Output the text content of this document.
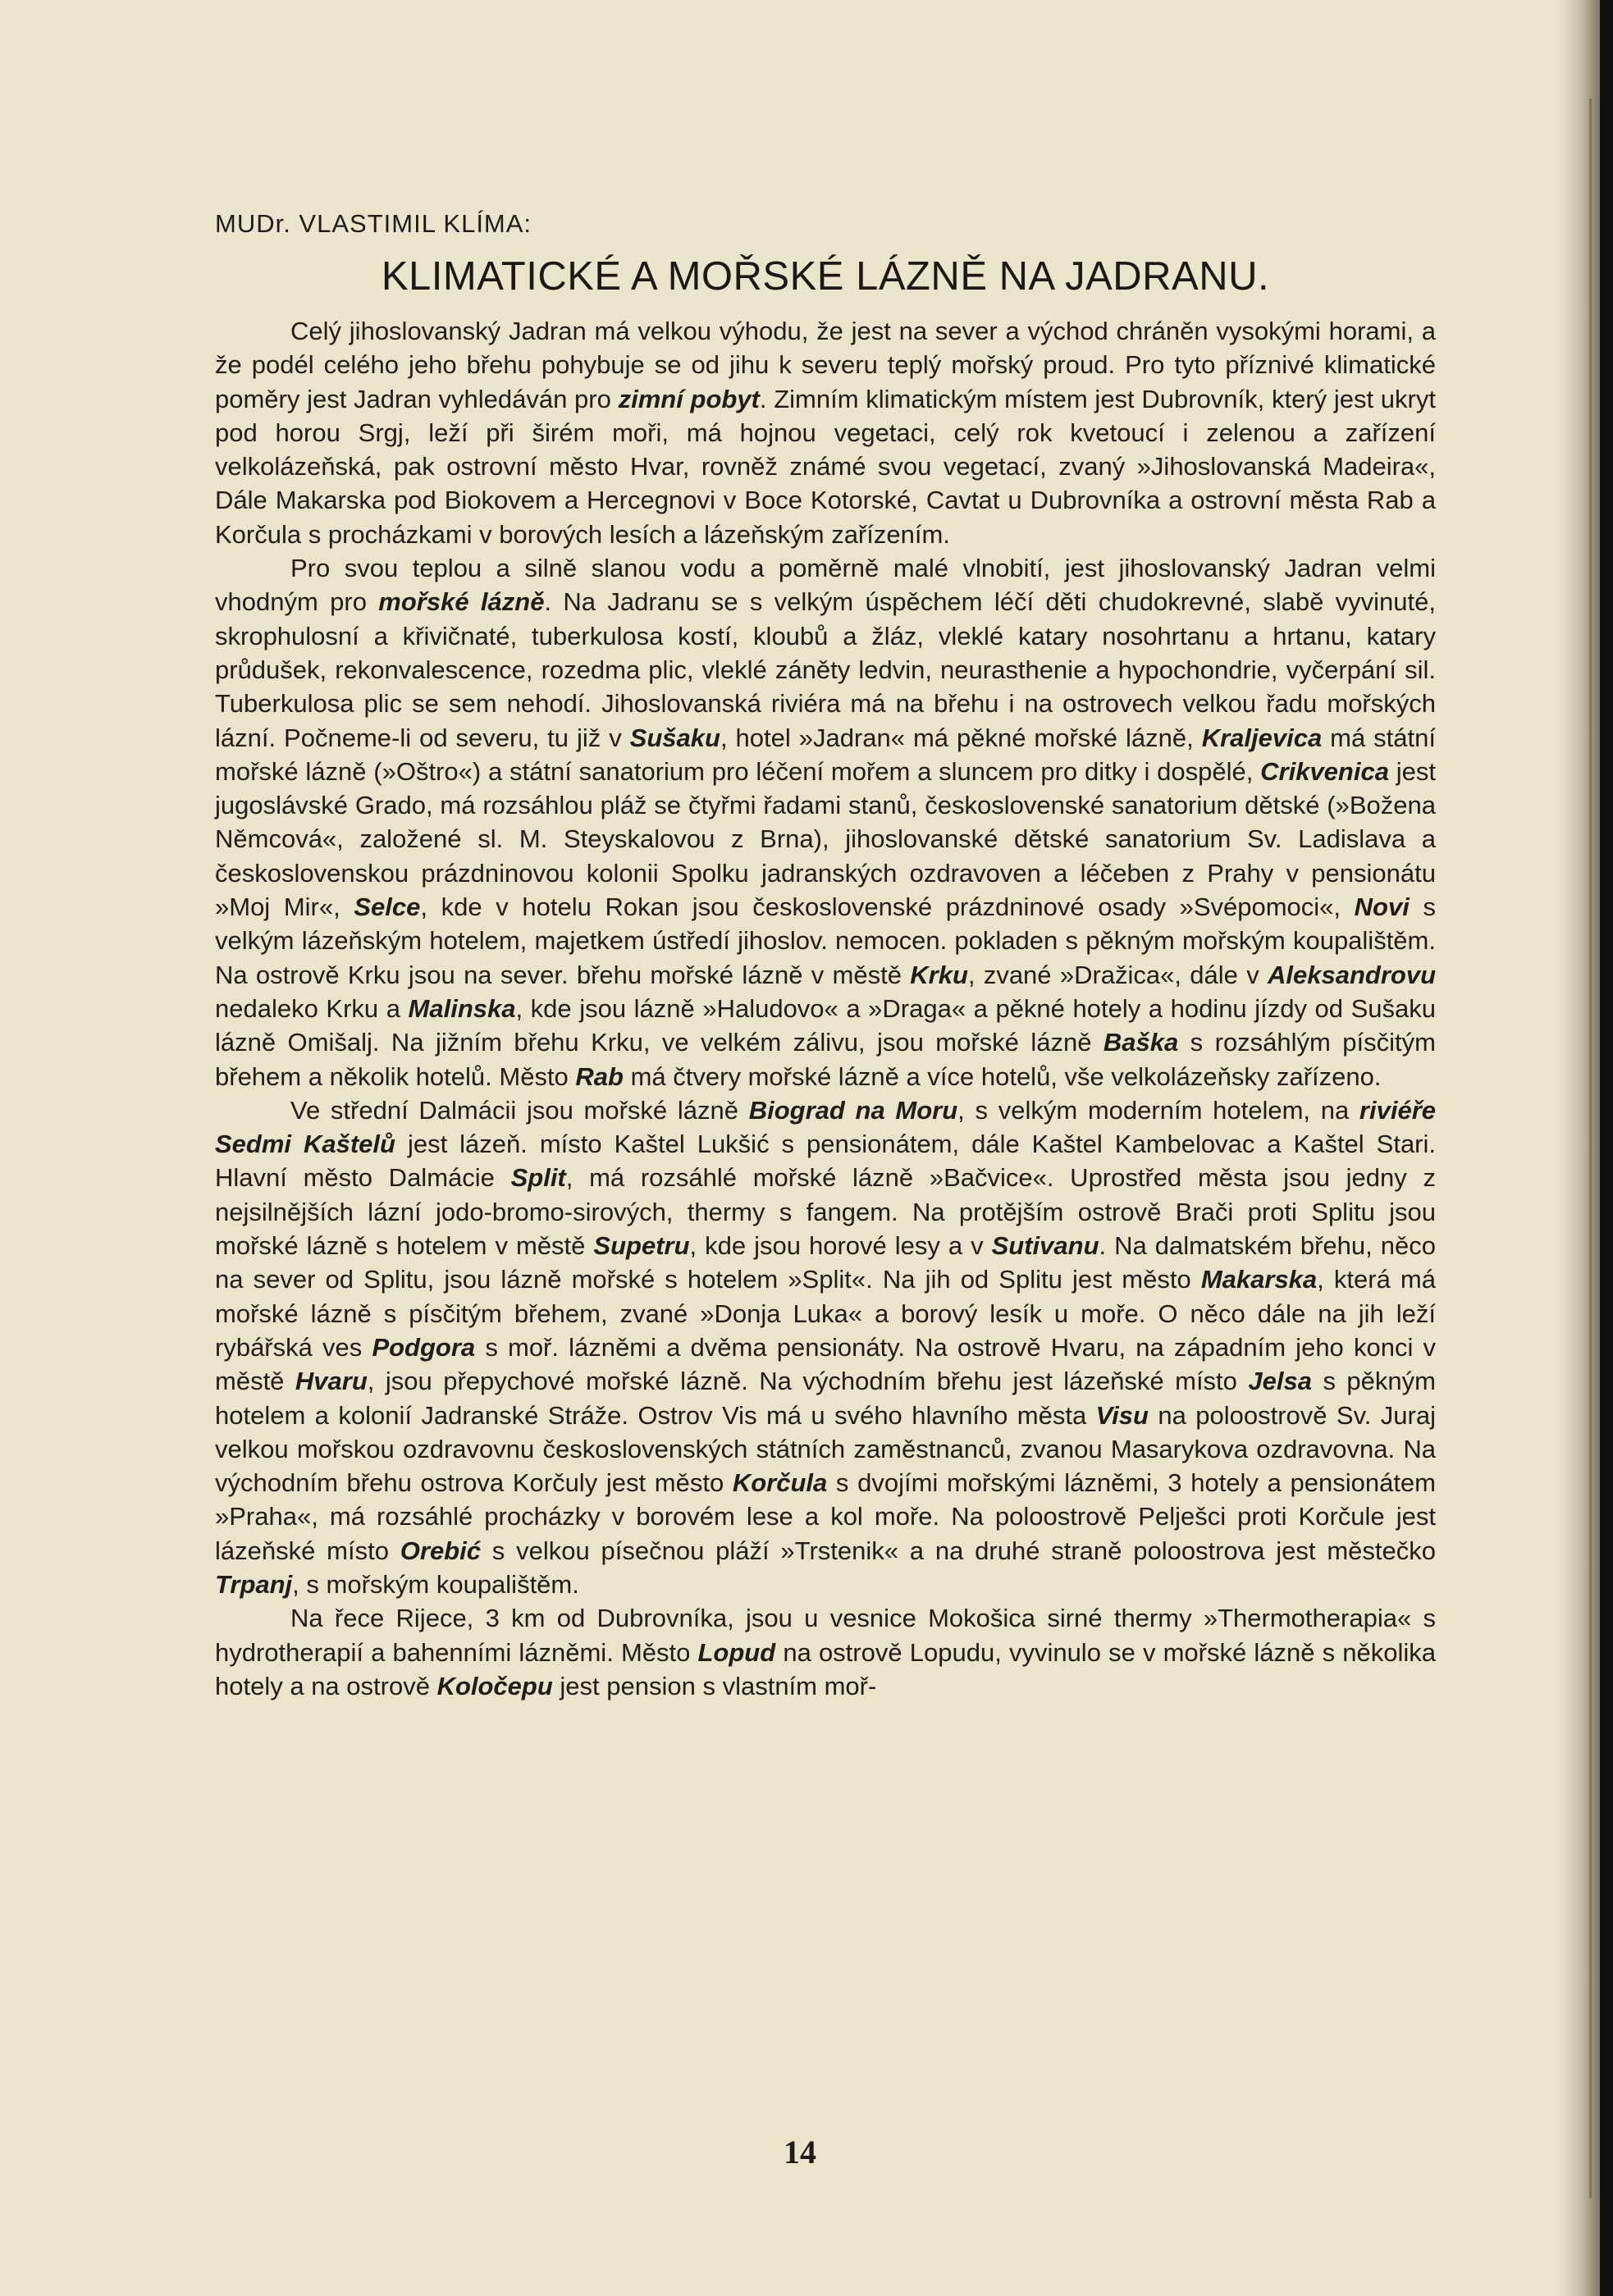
MUDr. VLASTIMIL KLÍMA:
KLIMATICKÉ A MOŘSKÉ LÁZNĚ NA JADRANU.

Celý jihoslovanský Jadran má velkou výhodu, že jest na sever a východ chráněn vysokými horami, a že podél celého jeho břehu pohybuje se od jihu k severu teplý mořský proud. Pro tyto příznivé klimatické poměry jest Jadran vyhledáván pro zimní pobyt. Zimním klimatickým místem jest Dubrovník, který jest ukryt pod horou Srgj, leží při širém moři, má hojnou vegetaci, celý rok kvetoucí i zelenou a zařízení velkolázeňská, pak ostrovní město Hvar, rovněž známé svou vegetací, zvaný »Jihoslovanská Madeira«, Dále Makarska pod Biokovem a Hercegnovi v Boce Kotorské, Cavtat u Dubrovníka a ostrovní města Rab a Korčula s procházkami v borových lesích a lázeňským zařízením.

Pro svou teplou a silně slanou vodu a poměrně malé vlnobití, jest jihoslovanský Jadran velmi vhodným pro mořské lázně. Na Jadranu se s velkým úspěchem léčí děti chudokrevné, slabě vyvinuté, skrophulosní a křivičnaté, tuberkulosa kostí, kloubů a žláz, vleklé katary nosohrtanu a hrtanu, katary průdušek, rekonvalescence, rozedma plic, vleklé záněty ledvin, neurasthenie a hypochondrie, vyčerpání sil. Tuberkulosa plic se sem nehodí. Jihoslovanská riviéra má na břehu i na ostrovech velkou řadu mořských lázní. Počneme-li od severu, tu již v Sušaku, hotel »Jadran« má pěkné mořské lázně, Kraljevica má státní mořské lázně (»Oštro«) a státní sanatorium pro léčení mořem a sluncem pro ditky i dospělé, Crikvenica jest jugoslávské Grado, má rozsáhlou pláž se čtyřmi řadami stanů, československé sanatorium dětské (»Božena Němcová«, založené sl. M. Steyskalovou z Brna), jihoslovanské dětské sanatorium Sv. Ladislava a československou prázdninovou kolonii Spolku jadranských ozdravoven a léčeben z Prahy v pensionátu »Moj Mir«, Selce, kde v hotelu Rokan jsou československé prázdninové osady »Svépomoci«, Novi s velkým lázeňským hotelem, majetkem ústředí jihoslov. nemocen. pokladen s pěkným mořským koupalištěm. Na ostrově Krku jsou na sever. břehu mořské lázně v městě Krku, zvané »Dražica«, dále v Aleksandrovu nedaleko Krku a Malinska, kde jsou lázně »Haludovo« a »Draga« a pěkné hotely a hodinu jízdy od Sušaku lázně Omišalj. Na jižním břehu Krku, ve velkém zálivu, jsou mořské lázně Baška s rozsáhlým písčitým břehem a několik hotelů. Město Rab má čtvery mořské lázně a více hotelů, vše velkolázeňsky zařízeno.

Ve střední Dalmácii jsou mořské lázně Biograd na Moru, s velkým moderním hotelem, na riviéře Sedmi Kaštelů jest lázeň. místo Kaštel Lukšić s pensionátem, dále Kaštel Kambelovac a Kaštel Stari. Hlavní město Dalmácie Split, má rozsáhlé mořské lázně »Bačvice«. Uprostřed města jsou jedny z nejsilnějších lázní jodo-bromo-sirových, thermy s fangem. Na protějším ostrově Brači proti Splitu jsou mořské lázně s hotelem v městě Supetru, kde jsou horové lesy a v Sutivanu. Na dalmatském břehu, něco na sever od Splitu, jsou lázně mořské s hotelem »Split«. Na jih od Splitu jest město Makarska, která má mořské lázně s písčitým břehem, zvané »Donja Luka« a borový lesík u moře. O něco dále na jih leží rybářská ves Podgora s moř. lázněmi a dvěma pensionáty. Na ostrově Hvaru, na západním jeho konci v městě Hvaru, jsou přepychové mořské lázně. Na východním břehu jest lázeňské místo Jelsa s pěkným hotelem a kolonií Jadranské Stráže. Ostrov Vis má u svého hlavního města Visu na poloostrově Sv. Juraj velkou mořskou ozdravovnu československých státních zaměstnanců, zvanou Masarykova ozdravovna. Na východním břehu ostrova Korčuly jest město Korčula s dvojími mořskými lázněmi, 3 hotely a pensionátem »Praha«, má rozsáhlé procházky v borovém lese a kol moře. Na poloostrově Pelješci proti Korčule jest lázeňské místo Orebić s velkou písečnou pláží »Trstenik« a na druhé straně poloostrova jest městečko Trpanj, s mořským koupalištěm.

Na řece Rijece, 3 km od Dubrovníka, jsou u vesnice Mokošica sirné thermy »Thermotherapia« s hydrotherapií a bahenními lázněmi. Město Lopud na ostrově Lopudu, vyvinulo se v mořské lázně s několika hotely a na ostrově Koločepu jest pension s vlastním moř-

14
